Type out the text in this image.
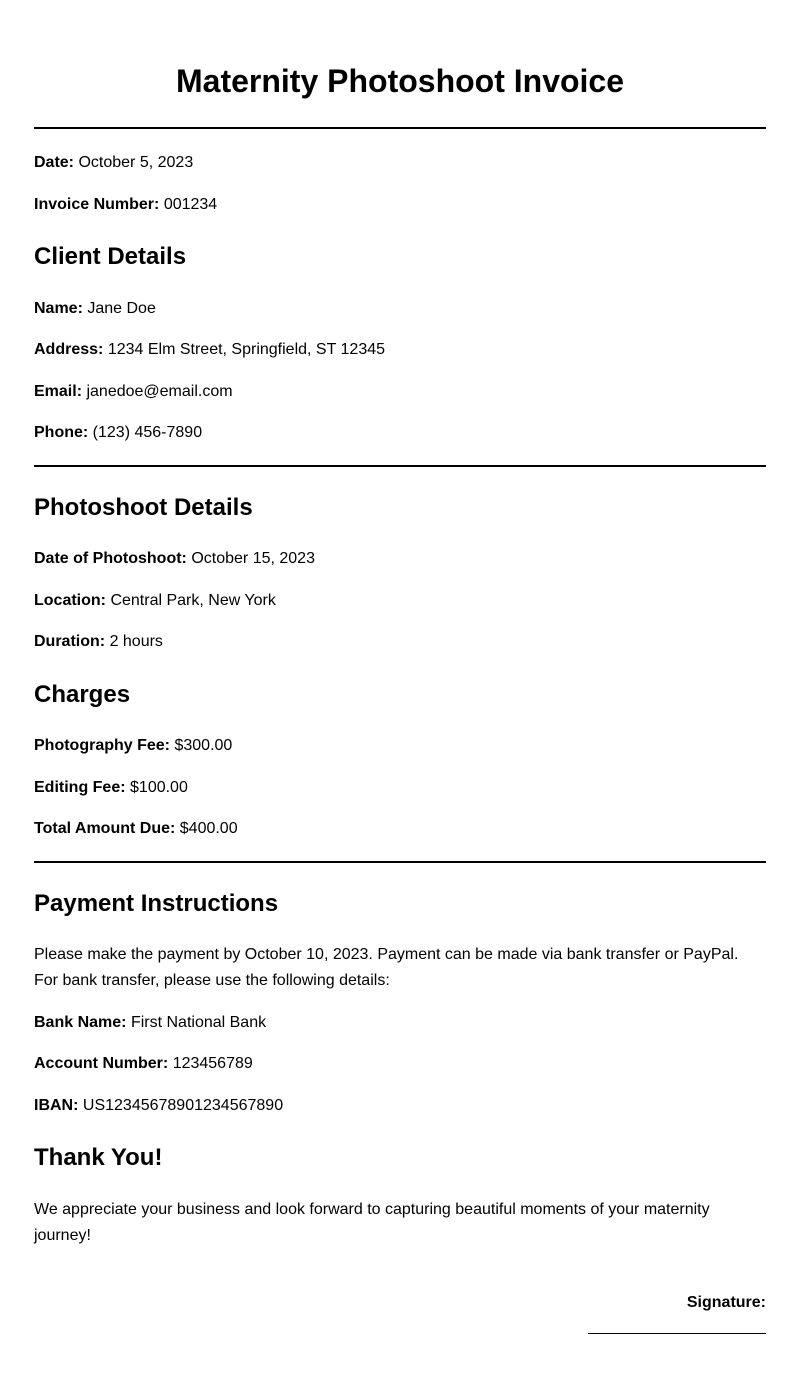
Maternity Photoshoot Invoice
Date: October 5, 2023
Invoice Number: 001234
Client Details
Name: Jane Doe
Address: 1234 Elm Street, Springfield, ST 12345
Email: janedoe@email.com
Phone: (123) 456-7890
Photoshoot Details
Date of Photoshoot: October 15, 2023
Location: Central Park, New York
Duration: 2 hours
Charges
Photography Fee: $300.00
Editing Fee: $100.00
Total Amount Due: $400.00
Payment Instructions

Please make the payment by October 10, 2023. Payment can be made via bank transfer or PayPal. For bank transfer, please use the following details:

Bank Name: First National Bank
Account Number: 123456789
IBAN: US12345678901234567890
Thank You!

We appreciate your business and look forward to capturing beautiful moments of your maternity journey!

Signature:
